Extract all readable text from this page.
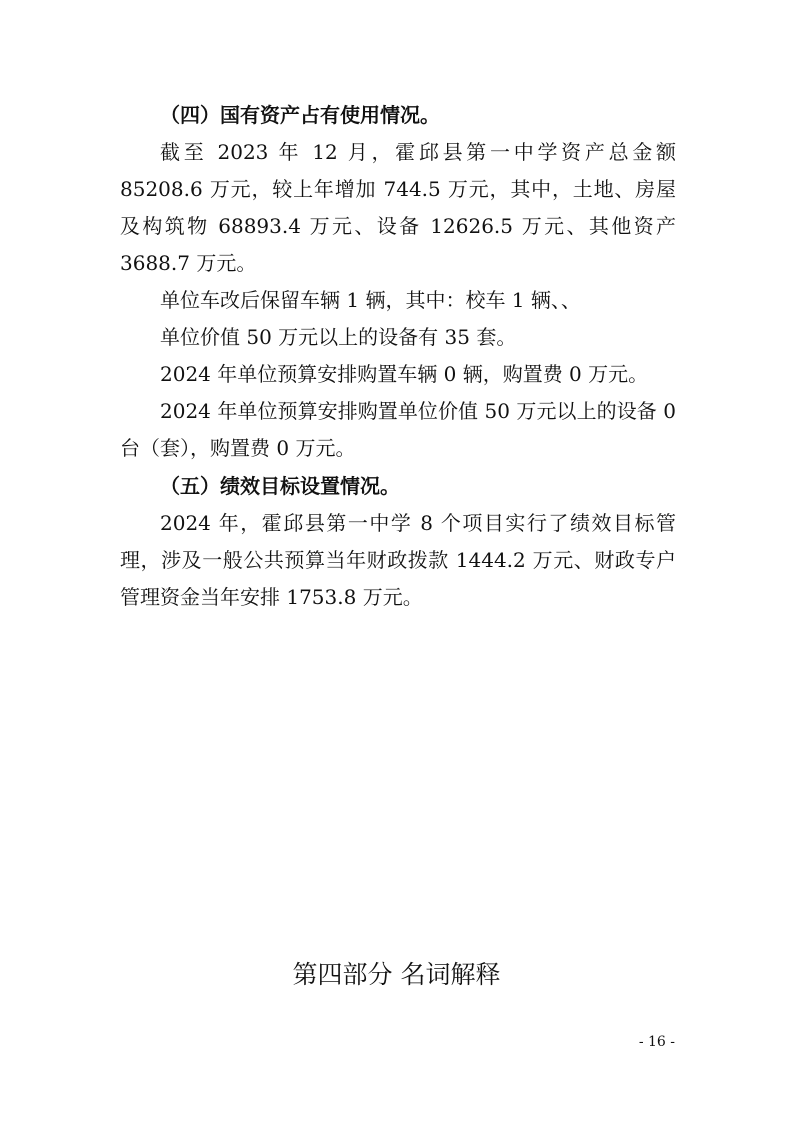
（四）国有资产占有使用情况。

截至 2023 年 12 月，霍邱县第一中学资产总金额 85208.6 万元，较上年增加 744.5 万元，其中，土地、房屋及构筑物 68893.4 万元、设备 12626.5 万元、其他资产 3688.7 万元。

单位车改后保留车辆 1 辆，其中：校车 1 辆、、

单位价值 50 万元以上的设备有 35 套。

2024 年单位预算安排购置车辆 0 辆，购置费 0 万元。

2024 年单位预算安排购置单位价值 50 万元以上的设备 0 台（套），购置费 0 万元。

（五）绩效目标设置情况。

2024 年，霍邱县第一中学 8 个项目实行了绩效目标管理，涉及一般公共预算当年财政拨款 1444.2 万元、财政专户管理资金当年安排 1753.8 万元。

第四部分 名词解释

- 16 -
